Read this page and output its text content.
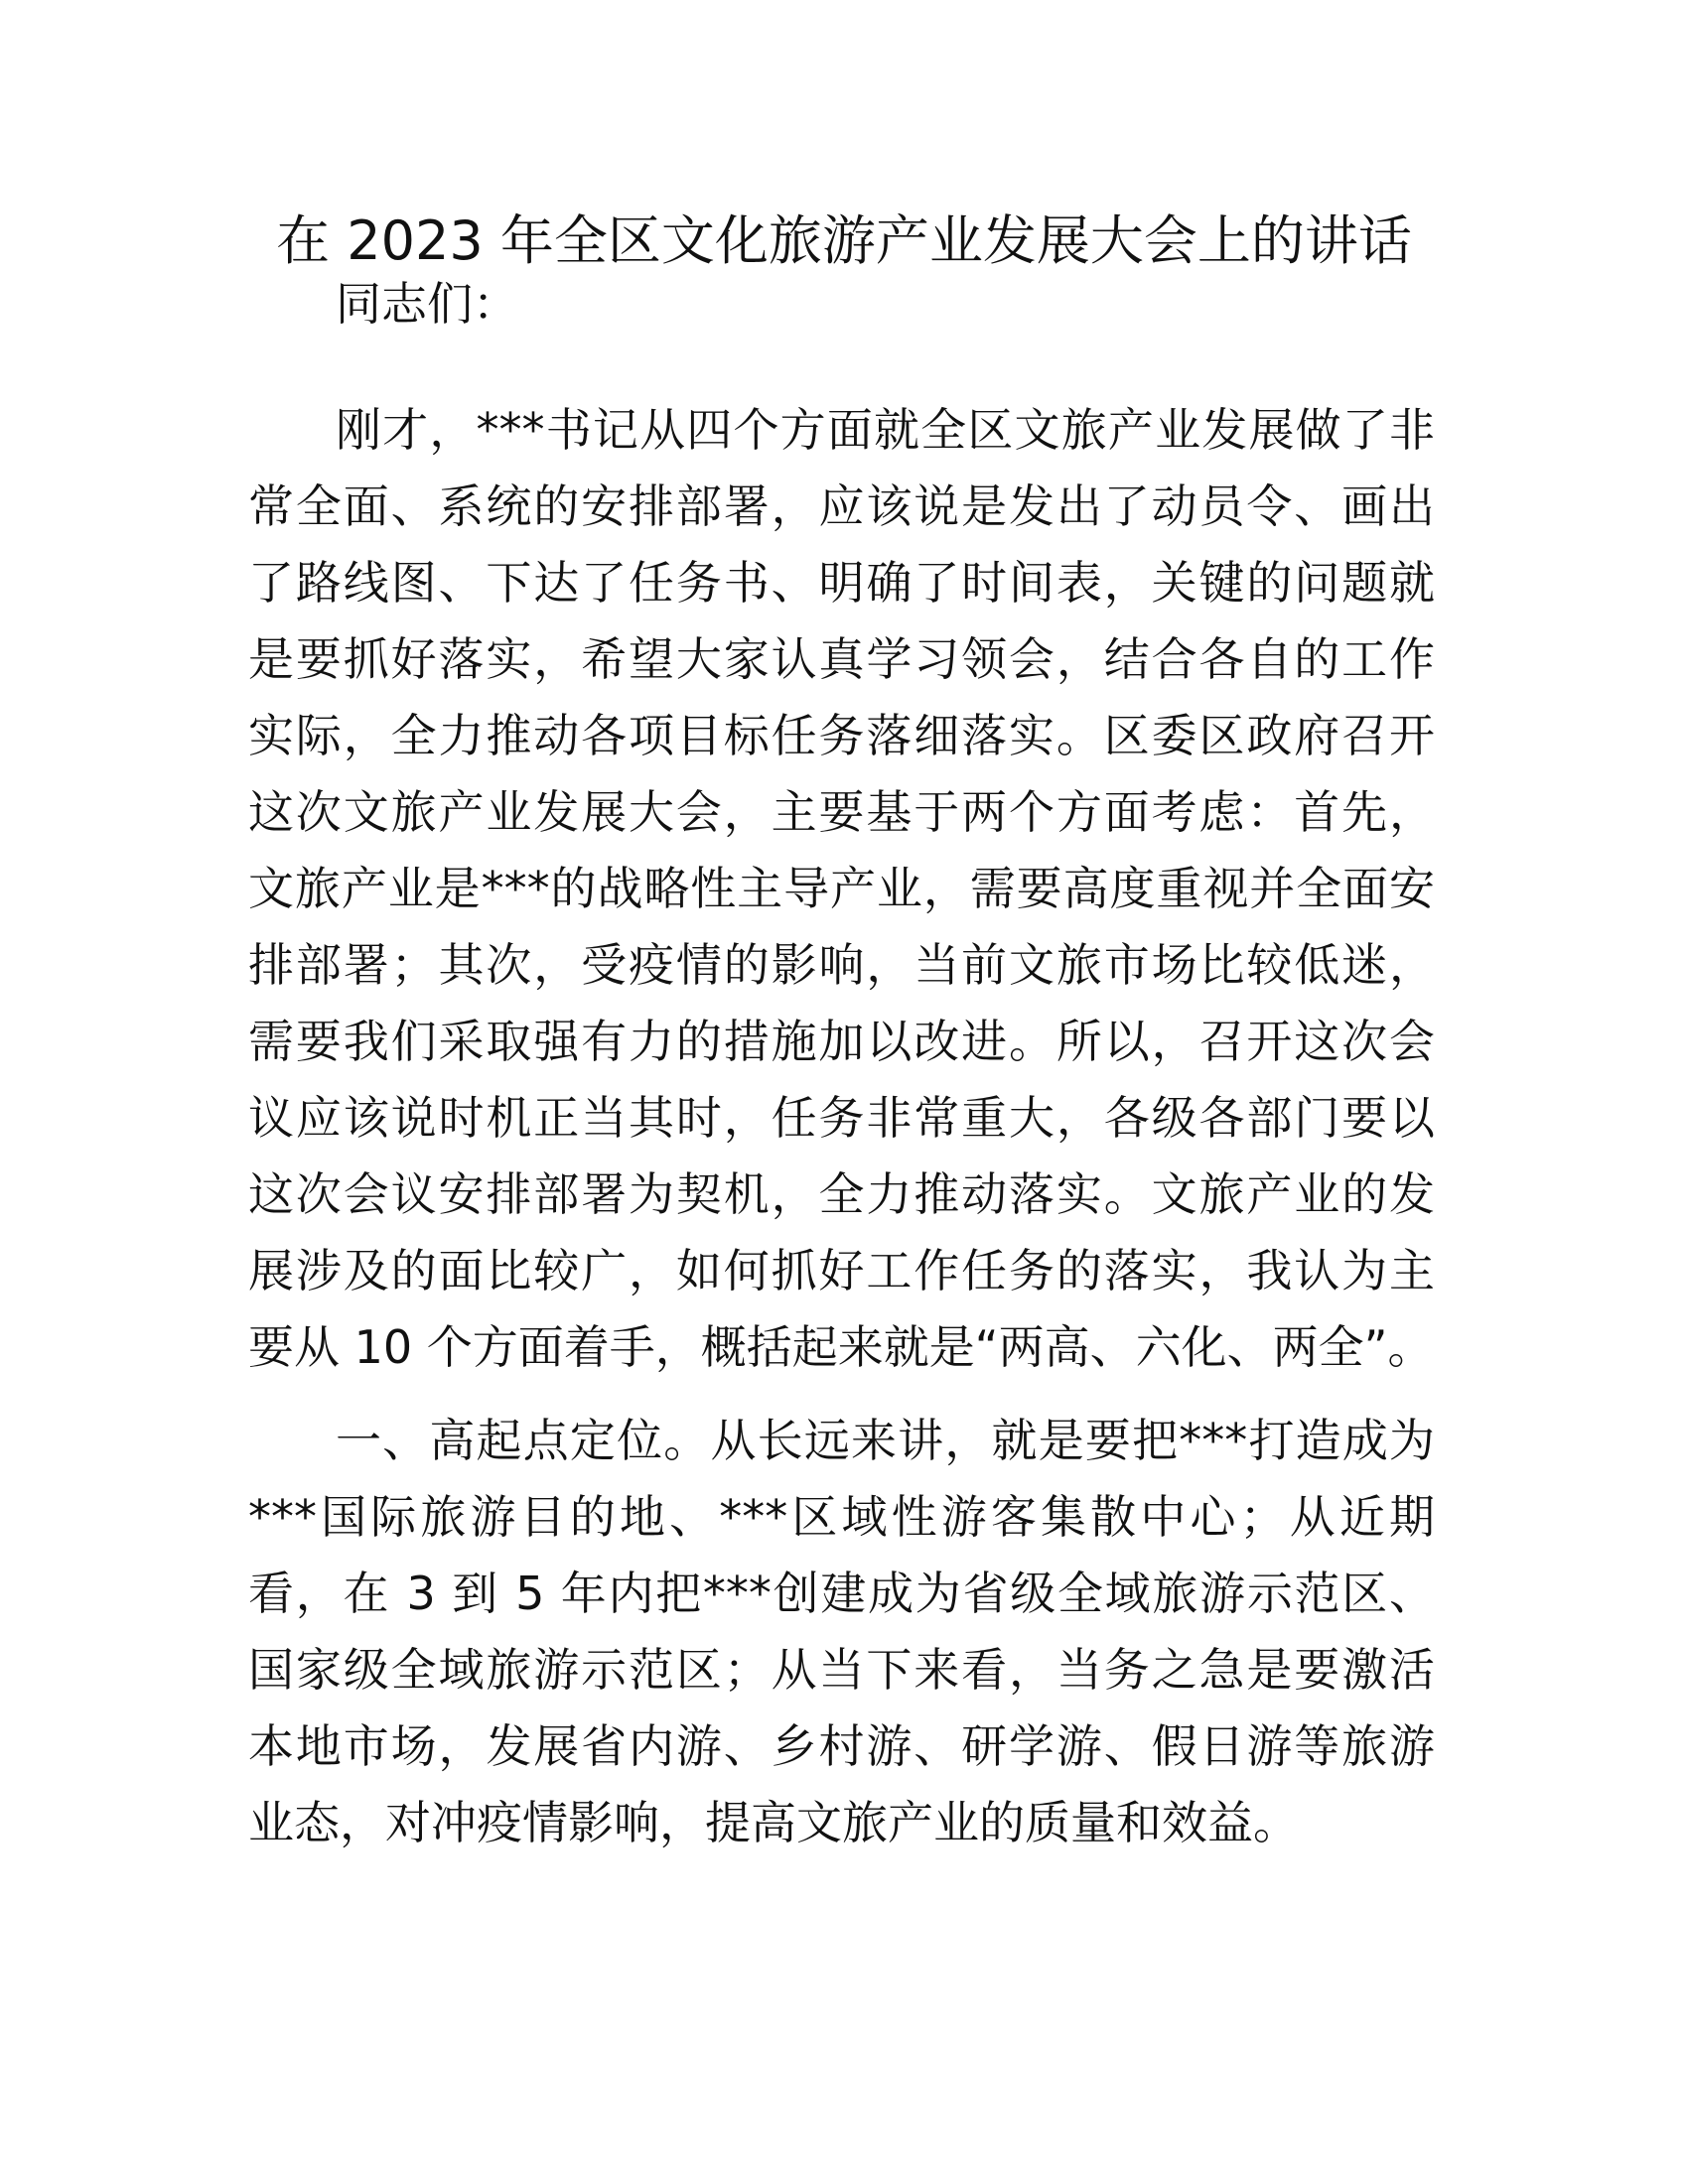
在 2023 年全区文化旅游产业发展大会上的讲话

同志们：

刚才，***书记从四个方面就全区文旅产业发展做了非常全面、系统的安排部署，应该说是发出了动员令、画出了路线图、下达了任务书、明确了时间表，关键的问题就是要抓好落实，希望大家认真学习领会，结合各自的工作实际，全力推动各项目标任务落细落实。区委区政府召开这次文旅产业发展大会，主要基于两个方面考虑：首先，文旅产业是***的战略性主导产业，需要高度重视并全面安排部署；其次，受疫情的影响，当前文旅市场比较低迷，需要我们采取强有力的措施加以改进。所以，召开这次会议应该说时机正当其时，任务非常重大，各级各部门要以这次会议安排部署为契机，全力推动落实。文旅产业的发展涉及的面比较广，如何抓好工作任务的落实，我认为主要从 10 个方面着手，概括起来就是“两高、六化、两全”。

一、高起点定位。从长远来讲，就是要把***打造成为***国际旅游目的地、***区域性游客集散中心；从近期看，在 3 到 5 年内把***创建成为省级全域旅游示范区、国家级全域旅游示范区；从当下来看，当务之急是要激活本地市场，发展省内游、乡村游、研学游、假日游等旅游业态，对冲疫情影响，提高文旅产业的质量和效益。
